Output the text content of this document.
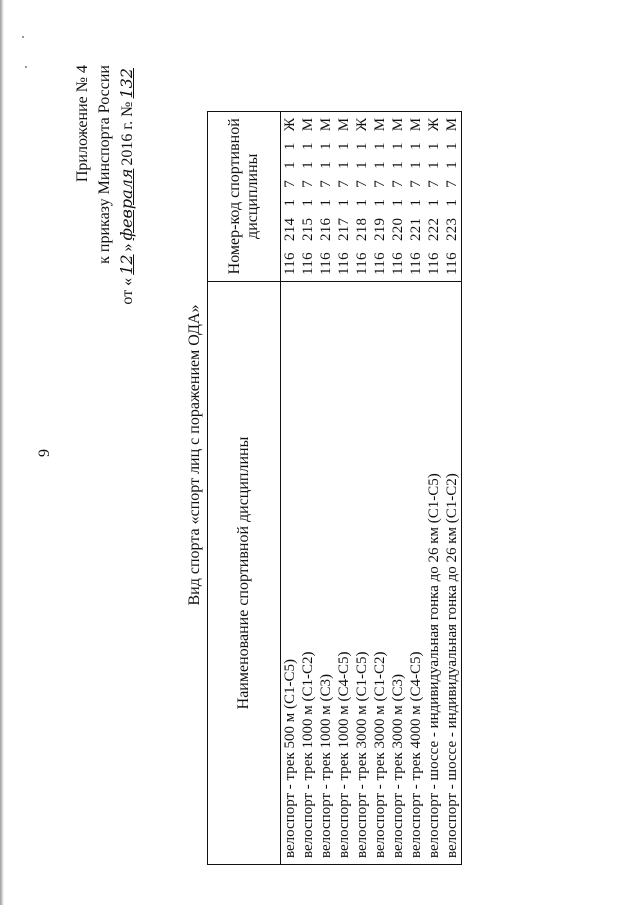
9
Приложение № 4 к приказу Минспорта России
от «12»февраля2016 г. №132
Вид спорта «спорт лиц с поражением ОДА» Наименование спортивной дисциплины	Номер-код спортивной дисциплины
велоспорт - трек 500 м (С1-С5)	116 214 1 7 1 1 Ж
велоспорт - трек 1000 м (С1-С2)	116 215 1 7 1 1 М
велоспорт - трек 1000 м (С3)	116 216 1 7 1 1 М
велоспорт - трек 1000 м (С4-С5)	116 217 1 7 1 1 М
велоспорт - трек 3000 м (С1-С5)	116 218 1 7 1 1 Ж
велоспорт - трек 3000 м (С1-С2)	116 219 1 7 1 1 М
велоспорт - трек 3000 м (С3)	116 220 1 7 1 1 М
велоспорт - трек 4000 м (С4-С5)	116 221 1 7 1 1 М
велоспорт - шоссе - индивидуальная гонка до 26 км (С1-С5)	116 222 1 7 1 1 Ж
велоспорт - шоссе - индивидуальная гонка до 26 км (С1-С2)	116 223 1 7 1 1 М
